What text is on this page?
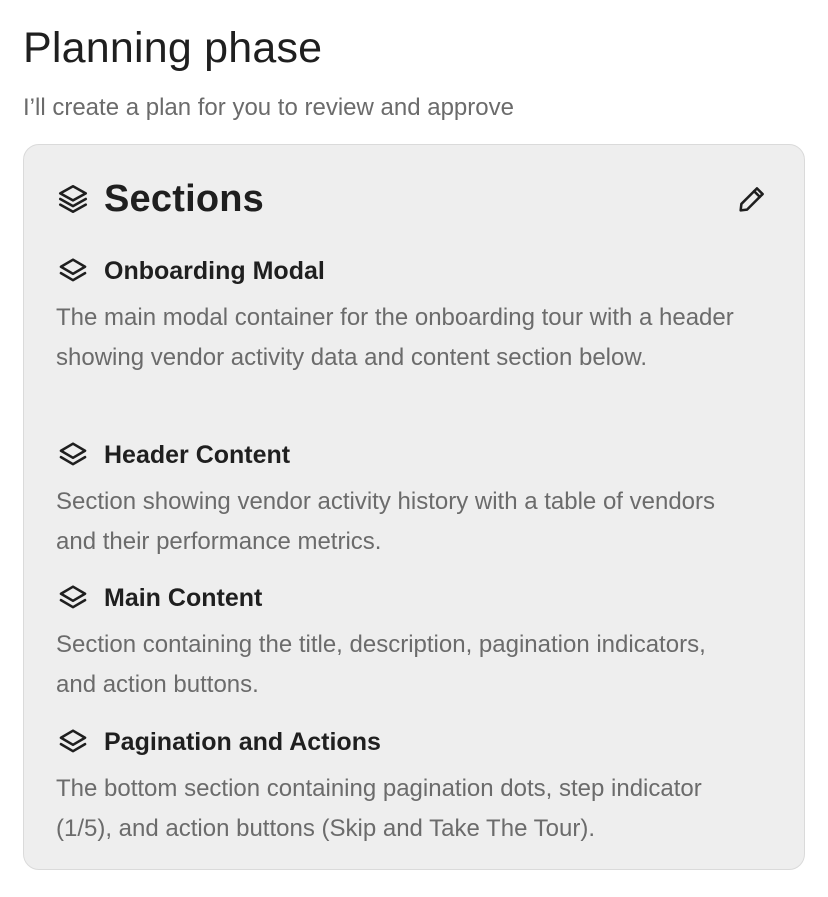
Planning phase

I’ll create a plan for you to review and approve

Sections
Onboarding Modal

The main modal container for the onboarding tour with a header showing vendor activity data and content section below.

Header Content

Section showing vendor activity history with a table of vendors and their performance metrics.

Main Content

Section containing the title, description, pagination indicators, and action buttons.

Pagination and Actions

The bottom section containing pagination dots, step indicator (1/5), and action buttons (Skip and Take The Tour).
